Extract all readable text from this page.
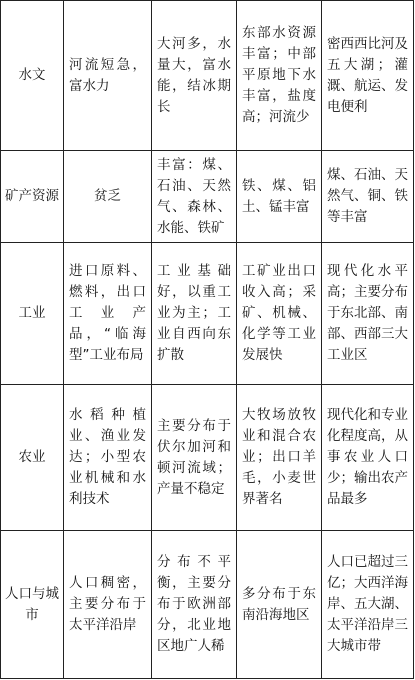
水文	河流短急，富水力	大河多，水量大，富水能，结冰期长	东部水资源丰富；中部平原地下水丰富，盐度高；河流少	密西西比河及五大湖；灌溉、航运、发电便利
矿产资源	贫乏	丰富：煤、石油、天然气、森林、水能、铁矿	铁、煤、铝土、锰丰富	煤、石油、天然气、铜、铁等丰富
工业	进口原料、燃料，出口工业产品，“临海型”工业布局	工业基础好，以重工业为主；工业自西向东扩散	工矿业出口收入高；采矿、机械、化学等工业发展快	现代化水平高；主要分布于东北部、南部、西部三大工业区
农业	水稻种植业、渔业发达；小型农业机械和水利技术	主要分布于伏尔加河和顿河流域；产量不稳定	大牧场放牧业和混合农业；出口羊毛，小麦世界著名	现代化和专业化程度高，从事农业人口少；输出农产品最多
人口与城市	人口稠密，主要分布于太平洋沿岸	分布不平衡，主要分布于欧洲部分，北业地区地广人稀	多分布于东南沿海地区	人口已超过三亿；大西洋海岸、五大湖、太平洋沿岸三大城市带
